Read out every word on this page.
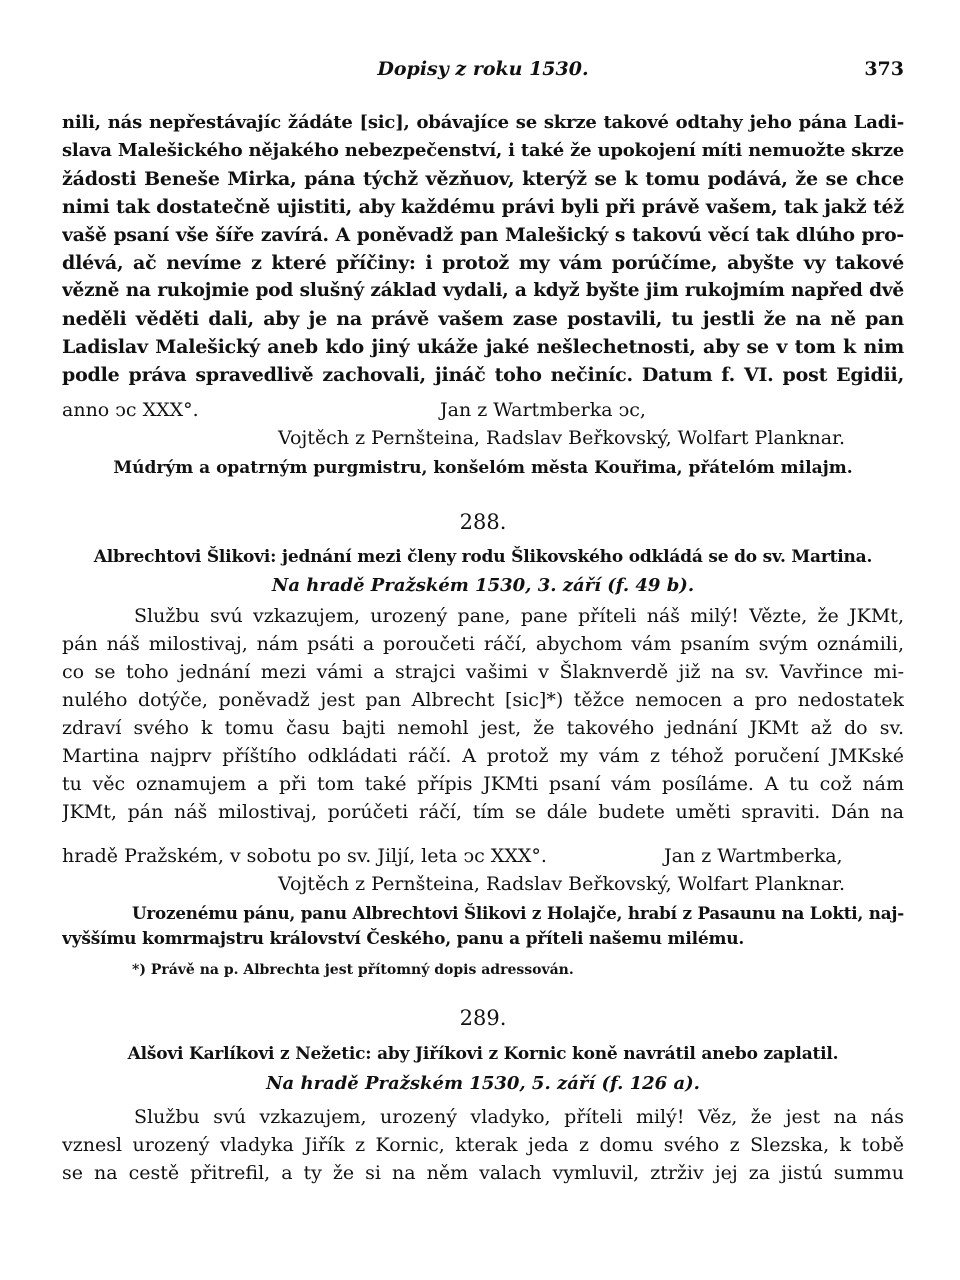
Dopisy z roku 1530.	373
nili, nás nepřestávajíc žádáte [sic], obávajíce se skrze takové odtahy jeho pána Ladi-
slava Malešického nějakého nebezpečenství, i také že upokojení míti nemuožte skrze
žádosti Beneše Mirka, pána týchž vězňuov, kterýž se k tomu podává, že se chce
nimi tak dostatečně ujistiti, aby každému právi byli při právě vašem, tak jakž též
vašě psaní vše šíře zavírá. A poněvadž pan Malešický s takovú věcí tak dlúho pro-
dlévá, ač nevíme z které příčiny: i protož my vám porúčíme, abyšte vy takové
vězně na rukojmie pod slušný základ vydali, a když byšte jim rukojmím napřed dvě
neděli věděti dali, aby je na právě vašem zase postavili, tu jestli že na ně pan
Ladislav Malešický aneb kdo jiný ukáže jaké nešlechetnosti, aby se v tom k nim
podle práva spravedlivě zachovali, jináč toho nečiníc. Datum f. VI. post Egidii,
anno ͻc XXX°.	Jan z Wartmberka ͻc,
Vojtěch z Pernšteina, Radslav Beřkovský, Wolfart Planknar.
Múdrým a opatrným purgmistru, konšelóm města Kouřima, přátelóm milajm.
288.
Albrechtovi Šlikovi: jednání mezi členy rodu Šlikovského odkládá se do sv. Martina.
Na hradě Pražském 1530, 3. září (f. 49 b).
Službu svú vzkazujem, urozený pane, pane příteli náš milý! Vězte, že JKMt,
pán náš milostivaj, nám psáti a poroučeti ráčí, abychom vám psaním svým oznámili,
co se toho jednání mezi vámi a strajci vašimi v Šlaknverdě již na sv. Vavřince mi-
nulého dotýče, poněvadž jest pan Albrecht [sic]*) těžce nemocen a pro nedostatek
zdraví svého k tomu času bajti nemohl jest, že takového jednání JKMt až do sv.
Martina najprv příštího odkládati ráčí. A protož my vám z téhož poručení JMKské
tu věc oznamujem a při tom také přípis JKMti psaní vám posíláme. A tu což nám
JKMt, pán náš milostivaj, porúčeti ráčí, tím se dále budete uměti spraviti. Dán na
hradě Pražském, v sobotu po sv. Jiljí, leta ͻc XXX°.	Jan z Wartmberka,
Vojtěch z Pernšteina, Radslav Beřkovský, Wolfart Planknar.
Urozenému pánu, panu Albrechtovi Šlikovi z Holajče, hrabí z Pasaunu na Lokti, naj-
vyššímu komrmajstru království Českého, panu a příteli našemu milému.
*) Právě na p. Albrechta jest přítomný dopis adressován.
289.
Alšovi Karlíkovi z Nežetic: aby Jiříkovi z Kornic koně navrátil anebo zaplatil.
Na hradě Pražském 1530, 5. září (f. 126 a).
Službu svú vzkazujem, urozený vladyko, příteli milý! Věz, že jest na nás
vznesl urozený vladyka Jiřík z Kornic, kterak jeda z domu svého z Slezska, k tobě
se na cestě přitrefil, a ty že si na něm valach vymluvil, ztrživ jej za jistú summu
